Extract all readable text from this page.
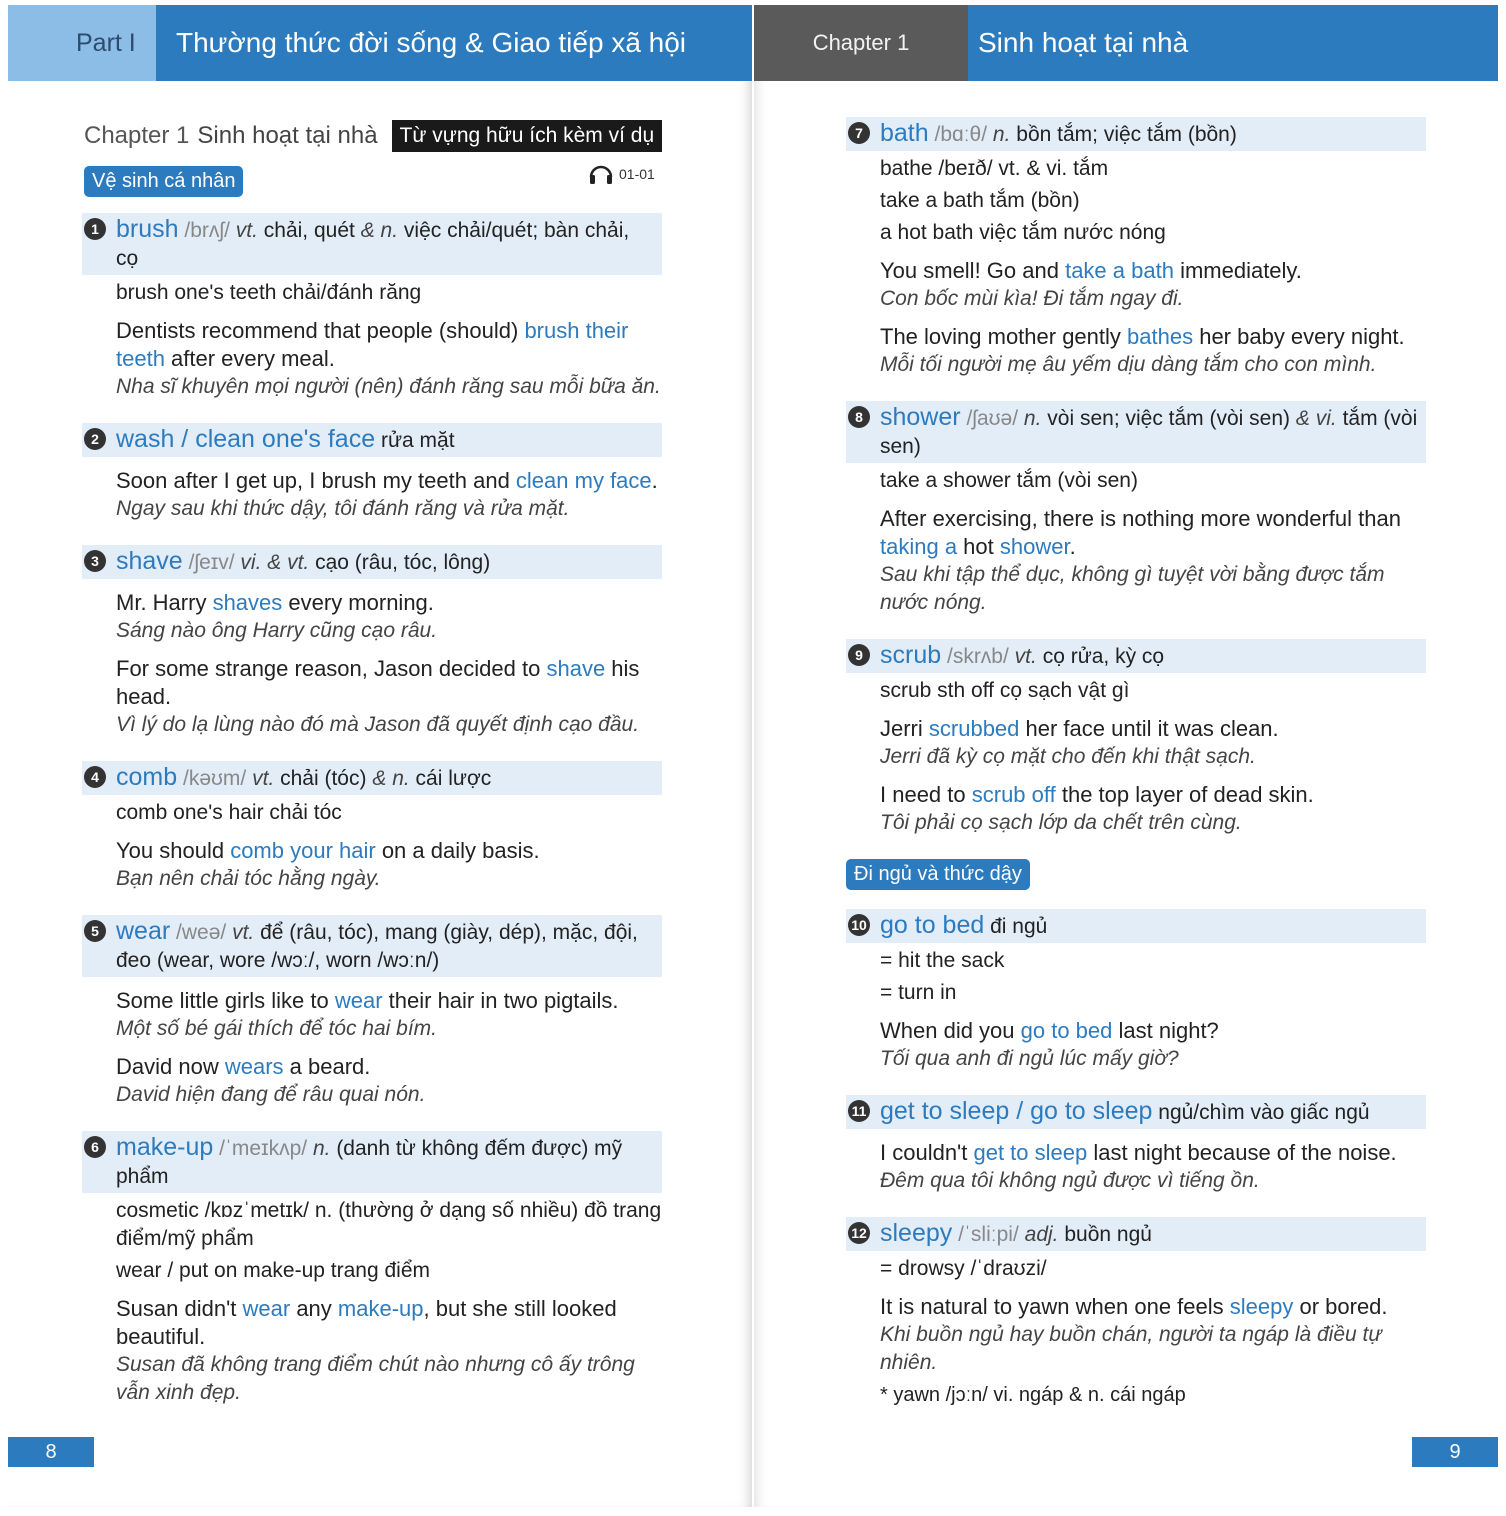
Part I Thường thức đời sống & Giao tiếp xã hội
Chapter 1 Sinh hoạt tại nhà	Từ vựng hữu ích kèm ví dụ
Vệ sinh cá nhân	01-01
1 brush /brʌʃ/ vt. chải, quét & n. việc chải/quét; bàn chải, cọ
brush one's teeth chải/đánh răng
Dentists recommend that people (should) brush their teeth after every meal.
Nha sĩ khuyên mọi người (nên) đánh răng sau mỗi bữa ăn.
2 wash / clean one's face rửa mặt
Soon after I get up, I brush my teeth and clean my face.
Ngay sau khi thức dậy, tôi đánh răng và rửa mặt.
3 shave /ʃeɪv/ vi. & vt. cạo (râu, tóc, lông)
Mr. Harry shaves every morning.
Sáng nào ông Harry cũng cạo râu.
For some strange reason, Jason decided to shave his head.
Vì lý do lạ lùng nào đó mà Jason đã quyết định cạo đầu.
4 comb /kəʊm/ vt. chải (tóc) & n. cái lược
comb one's hair chải tóc
You should comb your hair on a daily basis.
Bạn nên chải tóc hằng ngày.
5 wear /weə/ vt. để (râu, tóc), mang (giày, dép), mặc, đội, đeo (wear, wore /wɔː/, worn /wɔːn/)
Some little girls like to wear their hair in two pigtails.
Một số bé gái thích để tóc hai bím.
David now wears a beard.
David hiện đang để râu quai nón.
6 make-up /ˈmeɪkʌp/ n. (danh từ không đếm được) mỹ phẩm
cosmetic /kɒzˈmetɪk/ n. (thường ở dạng số nhiều) đồ trang điểm/mỹ phẩm
wear / put on make-up trang điểm
Susan didn't wear any make-up, but she still looked beautiful.
Susan đã không trang điểm chút nào nhưng cô ấy trông vẫn xinh đẹp.
8
Chapter 1 Sinh hoạt tại nhà
7 bath /bɑːθ/ n. bồn tắm; việc tắm (bồn)
bathe /beɪð/ vt. & vi. tắm
take a bath tắm (bồn)
a hot bath việc tắm nước nóng
You smell! Go and take a bath immediately.
Con bốc mùi kìa! Đi tắm ngay đi.
The loving mother gently bathes her baby every night.
Mỗi tối người mẹ âu yếm dịu dàng tắm cho con mình.
8 shower /ʃaʊə/ n. vòi sen; việc tắm (vòi sen) & vi. tắm (vòi sen)
take a shower tắm (vòi sen)
After exercising, there is nothing more wonderful than taking a hot shower.
Sau khi tập thể dục, không gì tuyệt vời bằng được tắm nước nóng.
9 scrub /skrʌb/ vt. cọ rửa, kỳ cọ
scrub sth off cọ sạch vật gì
Jerri scrubbed her face until it was clean.
Jerri đã kỳ cọ mặt cho đến khi thật sạch.
I need to scrub off the top layer of dead skin.
Tôi phải cọ sạch lớp da chết trên cùng.
Đi ngủ và thức dậy
10 go to bed đi ngủ
= hit the sack
= turn in
When did you go to bed last night?
Tối qua anh đi ngủ lúc mấy giờ?
11 get to sleep / go to sleep ngủ/chìm vào giấc ngủ
I couldn't get to sleep last night because of the noise.
Đêm qua tôi không ngủ được vì tiếng ồn.
12 sleepy /ˈsliːpi/ adj. buồn ngủ
= drowsy /ˈdraʊzi/
It is natural to yawn when one feels sleepy or bored.
Khi buồn ngủ hay buồn chán, người ta ngáp là điều tự nhiên.
* yawn /jɔːn/ vi. ngáp & n. cái ngáp
9
